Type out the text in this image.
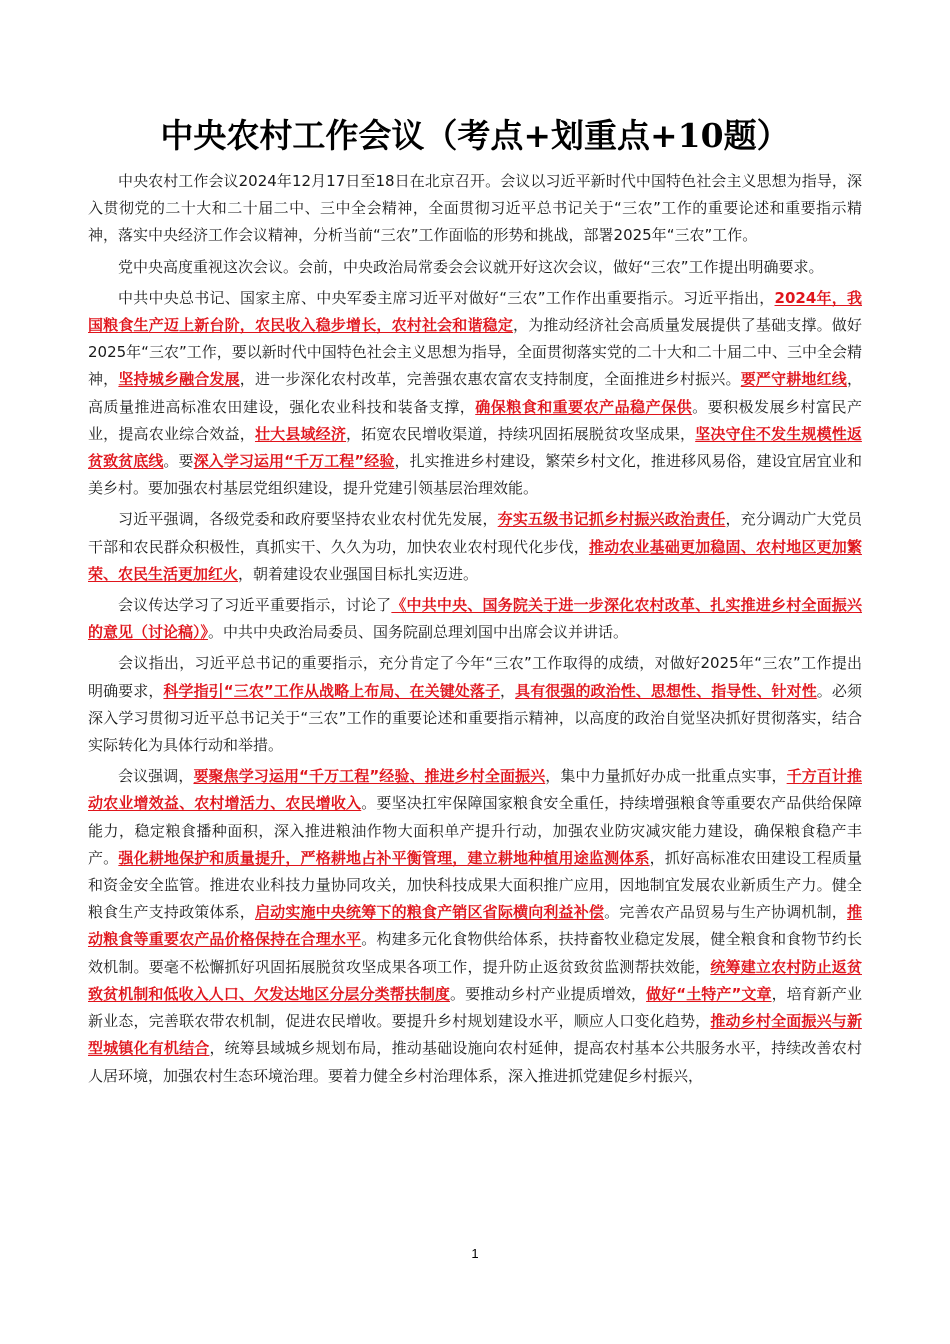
中央农村工作会议（考点+划重点+10题）

中央农村工作会议2024年12月17日至18日在北京召开。会议以习近平新时代中国特色社会主义思想为指导，深入贯彻党的二十大和二十届二中、三中全会精神，全面贯彻习近平总书记关于“三农”工作的重要论述和重要指示精神，落实中央经济工作会议精神，分析当前“三农”工作面临的形势和挑战，部署2025年“三农”工作。

党中央高度重视这次会议。会前，中央政治局常委会会议就开好这次会议，做好“三农”工作提出明确要求。

中共中央总书记、国家主席、中央军委主席习近平对做好“三农”工作作出重要指示。习近平指出，2024年，我国粮食生产迈上新台阶，农民收入稳步增长，农村社会和谐稳定，为推动经济社会高质量发展提供了基础支撑。做好2025年“三农”工作，要以新时代中国特色社会主义思想为指导，全面贯彻落实党的二十大和二十届二中、三中全会精神，坚持城乡融合发展，进一步深化农村改革，完善强农惠农富农支持制度，全面推进乡村振兴。要严守耕地红线，高质量推进高标准农田建设，强化农业科技和装备支撑，确保粮食和重要农产品稳产保供。要积极发展乡村富民产业，提高农业综合效益，壮大县域经济，拓宽农民增收渠道，持续巩固拓展脱贫攻坚成果，坚决守住不发生规模性返贫致贫底线。要深入学习运用“千万工程”经验，扎实推进乡村建设，繁荣乡村文化，推进移风易俗，建设宜居宜业和美乡村。要加强农村基层党组织建设，提升党建引领基层治理效能。

习近平强调，各级党委和政府要坚持农业农村优先发展，夯实五级书记抓乡村振兴政治责任，充分调动广大党员干部和农民群众积极性，真抓实干、久久为功，加快农业农村现代化步伐，推动农业基础更加稳固、农村地区更加繁荣、农民生活更加红火，朝着建设农业强国目标扎实迈进。

会议传达学习了习近平重要指示，讨论了《中共中央、国务院关于进一步深化农村改革、扎实推进乡村全面振兴的意见（讨论稿）》。中共中央政治局委员、国务院副总理刘国中出席会议并讲话。

会议指出，习近平总书记的重要指示，充分肯定了今年“三农”工作取得的成绩，对做好2025年“三农”工作提出明确要求，科学指引“三农”工作从战略上布局、在关键处落子，具有很强的政治性、思想性、指导性、针对性。必须深入学习贯彻习近平总书记关于“三农”工作的重要论述和重要指示精神，以高度的政治自觉坚决抓好贯彻落实，结合实际转化为具体行动和举措。

会议强调，要聚焦学习运用“千万工程”经验、推进乡村全面振兴，集中力量抓好办成一批重点实事，千方百计推动农业增效益、农村增活力、农民增收入。要坚决扛牢保障国家粮食安全重任，持续增强粮食等重要农产品供给保障能力，稳定粮食播种面积，深入推进粮油作物大面积单产提升行动，加强农业防灾减灾能力建设，确保粮食稳产丰产。强化耕地保护和质量提升，严格耕地占补平衡管理，建立耕地种植用途监测体系，抓好高标准农田建设工程质量和资金安全监管。推进农业科技力量协同攻关，加快科技成果大面积推广应用，因地制宜发展农业新质生产力。健全粮食生产支持政策体系，启动实施中央统筹下的粮食产销区省际横向利益补偿。完善农产品贸易与生产协调机制，推动粮食等重要农产品价格保持在合理水平。构建多元化食物供给体系，扶持畜牧业稳定发展，健全粮食和食物节约长效机制。要毫不松懈抓好巩固拓展脱贫攻坚成果各项工作，提升防止返贫致贫监测帮扶效能，统筹建立农村防止返贫致贫机制和低收入人口、欠发达地区分层分类帮扶制度。要推动乡村产业提质增效，做好“土特产”文章，培育新产业新业态，完善联农带农机制，促进农民增收。要提升乡村规划建设水平，顺应人口变化趋势，推动乡村全面振兴与新型城镇化有机结合，统筹县域城乡规划布局，推动基础设施向农村延伸，提高农村基本公共服务水平，持续改善农村人居环境，加强农村生态环境治理。要着力健全乡村治理体系，深入推进抓党建促乡村振兴，

1
